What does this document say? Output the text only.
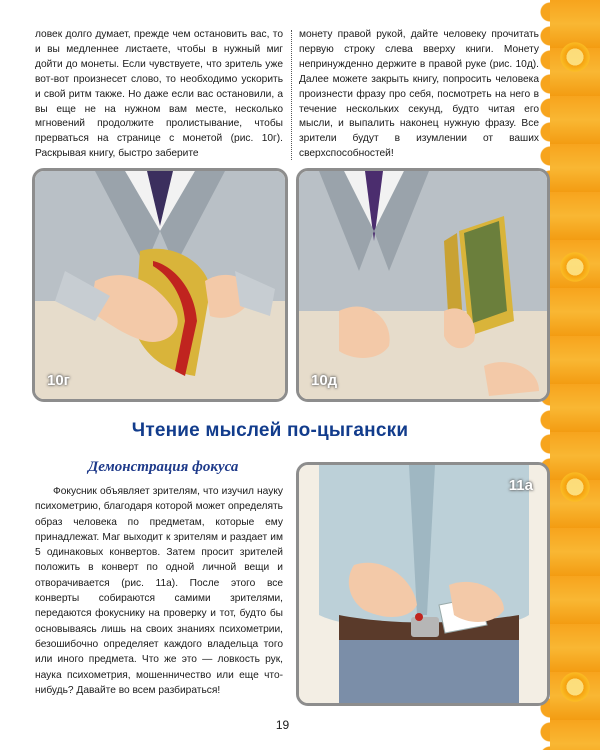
ловек долго думает, прежде чем остановить вас, то и вы медленнее листаете, чтобы в нужный миг дойти до монеты. Если чувствуете, что зритель уже вот-вот произнесет слово, то необходимо ускорить и свой ритм также. Но даже если вас остановили, а вы еще не на нужном вам месте, несколько мгновений продолжите пролистывание, чтобы прерваться на странице с монетой (рис. 10г). Раскрывая книгу, быстро заберите

монету правой рукой, дайте человеку прочитать первую строку слева вверху книги. Монету непринужденно держите в правой руке (рис. 10д). Далее можете закрыть книгу, попросить человека произнести фразу про себя, посмотреть на него в течение нескольких секунд, будто читая его мысли, и выпалить наконец нужную фразу. Все зрители будут в изумлении от ваших сверхспособностей!

10г	10д
Чтение мыслей по-цыгански
Демонстрация фокуса

Фокусник объявляет зрителям, что изучил науку психометрию, благодаря которой может определять образ человека по предметам, которые ему принадлежат. Маг выходит к зрителям и раздает им 5 одинаковых конвертов. Затем просит зрителей положить в конверт по одной личной вещи и отворачивается (рис. 11а). После этого все конверты собираются самими зрителями, передаются фокуснику на проверку и тот, будто бы основываясь лишь на своих знаниях психометрии, безошибочно определяет каждого владельца того или иного предмета. Что же это — ловкость рук, наука психометрия, мошенничество или еще что-нибудь? Давайте во всем разбираться!

11а
19
